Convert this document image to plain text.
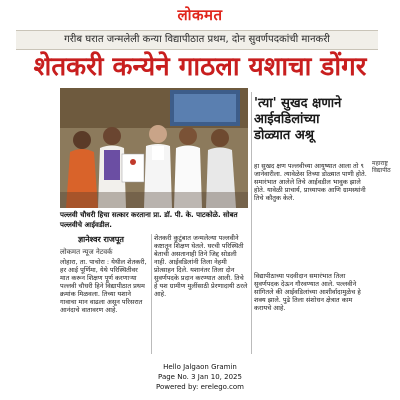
लोकमत
गरीब घरात जन्मलेली कन्या विद्यापीठात प्रथम, दोन सुवर्णपदकांची मानकरी
शेतकरी कन्येने गाठला यशाचा डोंगर
पल्लवी चौधरी हिचा सत्कार करताना प्रा. डॉ. पी. के. पाटकोळे. सोबत पल्लवीचे आईवडील.
'त्या' सुखद क्षणाने
आईवडिलांच्या
डोळ्यात अश्रू
हा सुखद क्षण पल्लवीच्या आयुष्यात आला तो ९ जानेवारीला. त्यावेळेस तिच्या डोळ्यात पाणी होते. समारंभात आलेले तिचे आईवडील भावुक झाले होते. यावेळी प्राचार्य, प्राध्यापक आणि ग्रामस्थांनी तिचे कौतुक केले.
महाराष्ट्र विद्यापीठ
ज्ञानेश्वर राजपूत
लोकमत न्यूज नेटवर्क
लोहारा, ता. पाचोरा : येथील शेतकरी, हर आई पूर्णिमा, येथे परिस्थितीवर मात करून शिक्षण पूर्ण करणाऱ्या पल्लवी चौधरी हिने विद्यापीठात प्रथम क्रमांक मिळवला. तिच्या यशाने गावाचा मान वाढला असून परिसरात आनंदाचे वातावरण आहे.
शेतकरी कुटुंबात जन्मलेल्या पल्लवीने कष्टातून शिक्षण घेतले. घरची परिस्थिती बेताची असतानाही तिने जिद्द सोडली नाही. आईवडिलांनी तिला नेहमी प्रोत्साहन दिले. यशानंतर तिला दोन सुवर्णपदके प्रदान करण्यात आली. तिचे हे यश ग्रामीण मुलींसाठी प्रेरणादायी ठरले आहे.
विद्यापीठाच्या पदवीदान समारंभात तिला सुवर्णपदक देऊन गौरवण्यात आले. पल्लवीने सांगितले की आईवडिलांच्या आशीर्वादामुळेच हे शक्य झाले. पुढे तिला संशोधन क्षेत्रात काम करायचे आहे.
Hello Jalgaon Gramin
Page No. 3 Jan 10, 2025
Powered by: erelego.com
